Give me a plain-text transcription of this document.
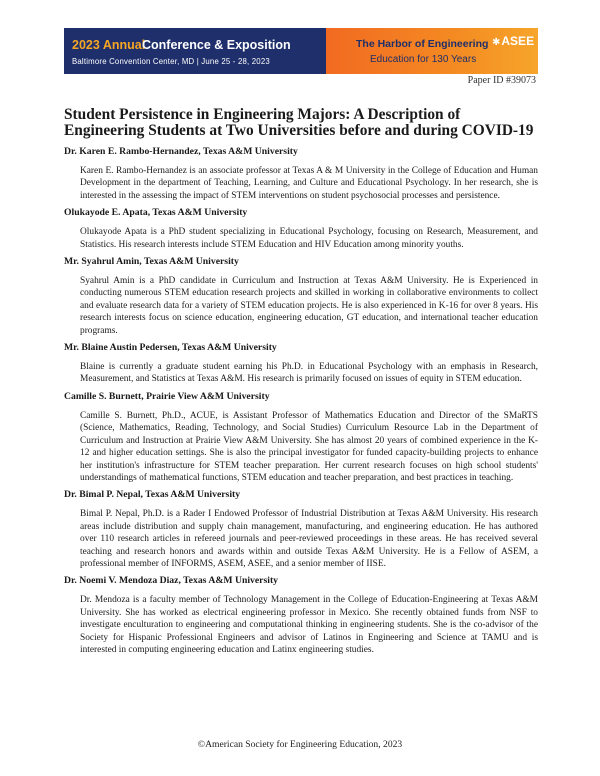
2023 Annual
Conference & Exposition
Baltimore Convention Center, MD | June 25 - 28, 2023
The Harbor of Engineering
Education for 130 Years
✱ASEE
Paper ID #39073
Student Persistence in Engineering Majors: A Description of Engineering Students at Two Universities before and during COVID-19

Dr. Karen E. Rambo-Hernandez, Texas A&M University

Karen E. Rambo-Hernandez is an associate professor at Texas A & M University in the College of Education and Human Development in the department of Teaching, Learning, and Culture and Educational Psychology. In her research, she is interested in the assessing the impact of STEM interventions on student psychosocial processes and persistence.

Olukayode E. Apata, Texas A&M University

Olukayode Apata is a PhD student specializing in Educational Psychology, focusing on Research, Measurement, and Statistics. His research interests include STEM Education and HIV Education among minority youths.

Mr. Syahrul Amin, Texas A&M University

Syahrul Amin is a PhD candidate in Curriculum and Instruction at Texas A&M University. He is Experienced in conducting numerous STEM education research projects and skilled in working in collaborative environments to collect and evaluate research data for a variety of STEM education projects. He is also experienced in K-16 for over 8 years. His research interests focus on science education, engineering education, GT education, and international teacher education programs.

Mr. Blaine Austin Pedersen, Texas A&M University

Blaine is currently a graduate student earning his Ph.D. in Educational Psychology with an emphasis in Research, Measurement, and Statistics at Texas A&M. His research is primarily focused on issues of equity in STEM education.

Camille S. Burnett, Prairie View A&M University

Camille S. Burnett, Ph.D., ACUE, is Assistant Professor of Mathematics Education and Director of the SMaRTS (Science, Mathematics, Reading, Technology, and Social Studies) Curriculum Resource Lab in the Department of Curriculum and Instruction at Prairie View A&M University. She has almost 20 years of combined experience in the K-12 and higher education settings. She is also the principal investigator for funded capacity-building projects to enhance her institution's infrastructure for STEM teacher preparation. Her current research focuses on high school students' understandings of mathematical functions, STEM education and teacher preparation, and best practices in teaching.

Dr. Bimal P. Nepal, Texas A&M University

Bimal P. Nepal, Ph.D. is a Rader I Endowed Professor of Industrial Distribution at Texas A&M University. His research areas include distribution and supply chain management, manufacturing, and engineering education. He has authored over 110 research articles in refereed journals and peer-reviewed proceedings in these areas. He has received several teaching and research honors and awards within and outside Texas A&M University. He is a Fellow of ASEM, a professional member of INFORMS, ASEM, ASEE, and a senior member of IISE.

Dr. Noemi V. Mendoza Diaz, Texas A&M University

Dr. Mendoza is a faculty member of Technology Management in the College of Education-Engineering at Texas A&M University. She has worked as electrical engineering professor in Mexico. She recently obtained funds from NSF to investigate enculturation to engineering and computational thinking in engineering students. She is the co-advisor of the Society for Hispanic Professional Engineers and advisor of Latinos in Engineering and Science at TAMU and is interested in computing engineering education and Latinx engineering studies.

©American Society for Engineering Education, 2023
